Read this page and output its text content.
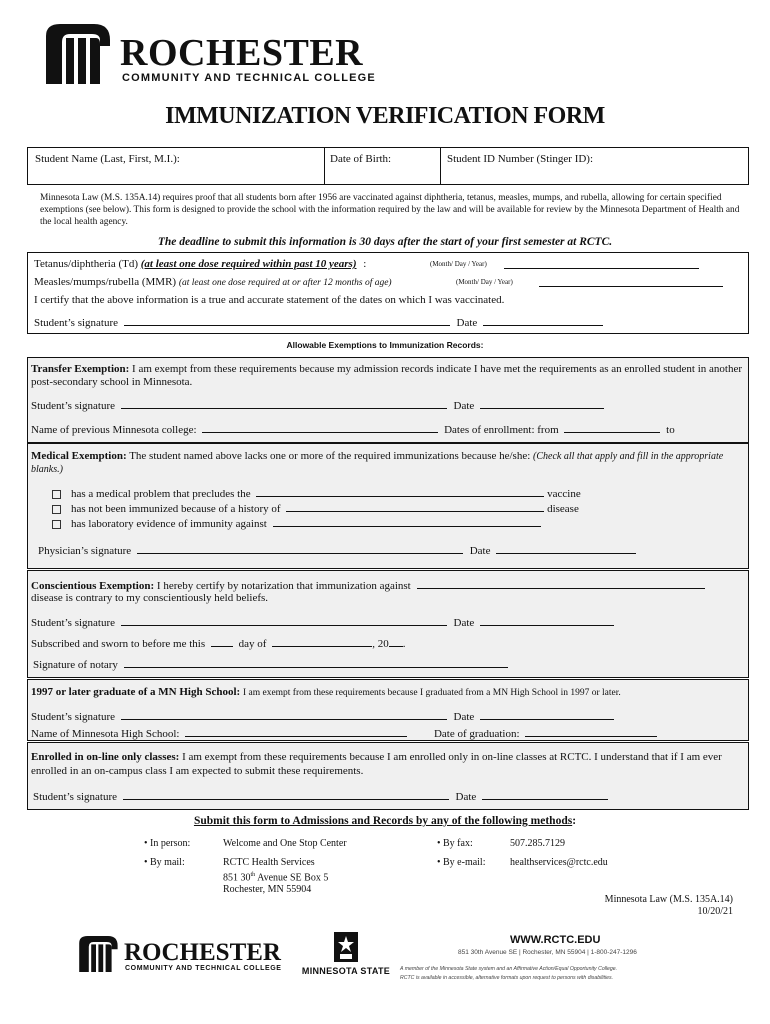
ROCHESTER
COMMUNITY AND TECHNICAL COLLEGE
IMMUNIZATION VERIFICATION FORM
Student Name (Last, First, M.I.):	Date of Birth:	Student ID Number (Stinger ID):
Minnesota Law (M.S. 135A.14) requires proof that all students born after 1956 are vaccinated against diphtheria, tetanus, measles, mumps, and rubella, allowing for certain specified exemptions (see below). This form is designed to provide the school with the information required by the law and will be available for review by the Minnesota Department of Health and the local health agency.
The deadline to submit this information is 30 days after the start of your first semester at RCTC.
Tetanus/diphtheria (Td) (at least one dose required within past 10 years) :	(Month/ Day / Year)
Measles/mumps/rubella (MMR) (at least one dose required at or after 12 months of age)	(Month/ Day / Year)
I certify that the above information is a true and accurate statement of the dates on which I was vaccinated.
Student’s signature	Date
Allowable Exemptions to Immunization Records:
Transfer Exemption: I am exempt from these requirements because my admission records indicate I have met the requirements as an enrolled student in another post-secondary school in Minnesota.
Student’s signature	Date
Name of previous Minnesota college:	Dates of enrollment: from	to
Medical Exemption: The student named above lacks one or more of the required immunizations because he/she: (Check all that apply and fill in the appropriate blanks.)
has a medical problem that precludes the	vaccine
has not been immunized because of a history of	disease
has laboratory evidence of immunity against
Physician’s signature	Date
Conscientious Exemption: I hereby certify by notarization that immunization against
disease is contrary to my conscientiously held beliefs.
Student’s signature	Date
Subscribed and sworn to before me this	day of	, 20 .
Signature of notary
1997 or later graduate of a MN High School: I am exempt from these requirements because I graduated from a MN High School in 1997 or later.
Student’s signature	Date
Name of Minnesota High School:	Date of graduation:
Enrolled in on-line only classes: I am exempt from these requirements because I am enrolled only in on-line classes at RCTC. I understand that if I am ever enrolled in an on-campus class I am expected to submit these requirements.
Student’s signature	Date
Submit this form to Admissions and Records by any of the following methods:
• In person:	Welcome and One Stop Center	• By fax:	507.285.7129
• By mail:	RCTC Health Services
851 30th Avenue SE Box 5
Rochester, MN 55904
• By e-mail: healthservices@rctc.edu
Minnesota Law (M.S. 135A.14)
10/20/21
ROCHESTER
COMMUNITY AND TECHNICAL COLLEGE	MINNESOTA STATE
WWW.RCTC.EDU
851 30th Avenue SE | Rochester, MN 55904 | 1-800-247-1296
A member of the Minnesota State system and an Affirmative Action/Equal Opportunity College.
RCTC is available in accessible, alternative formats upon request to persons with disabilities.
